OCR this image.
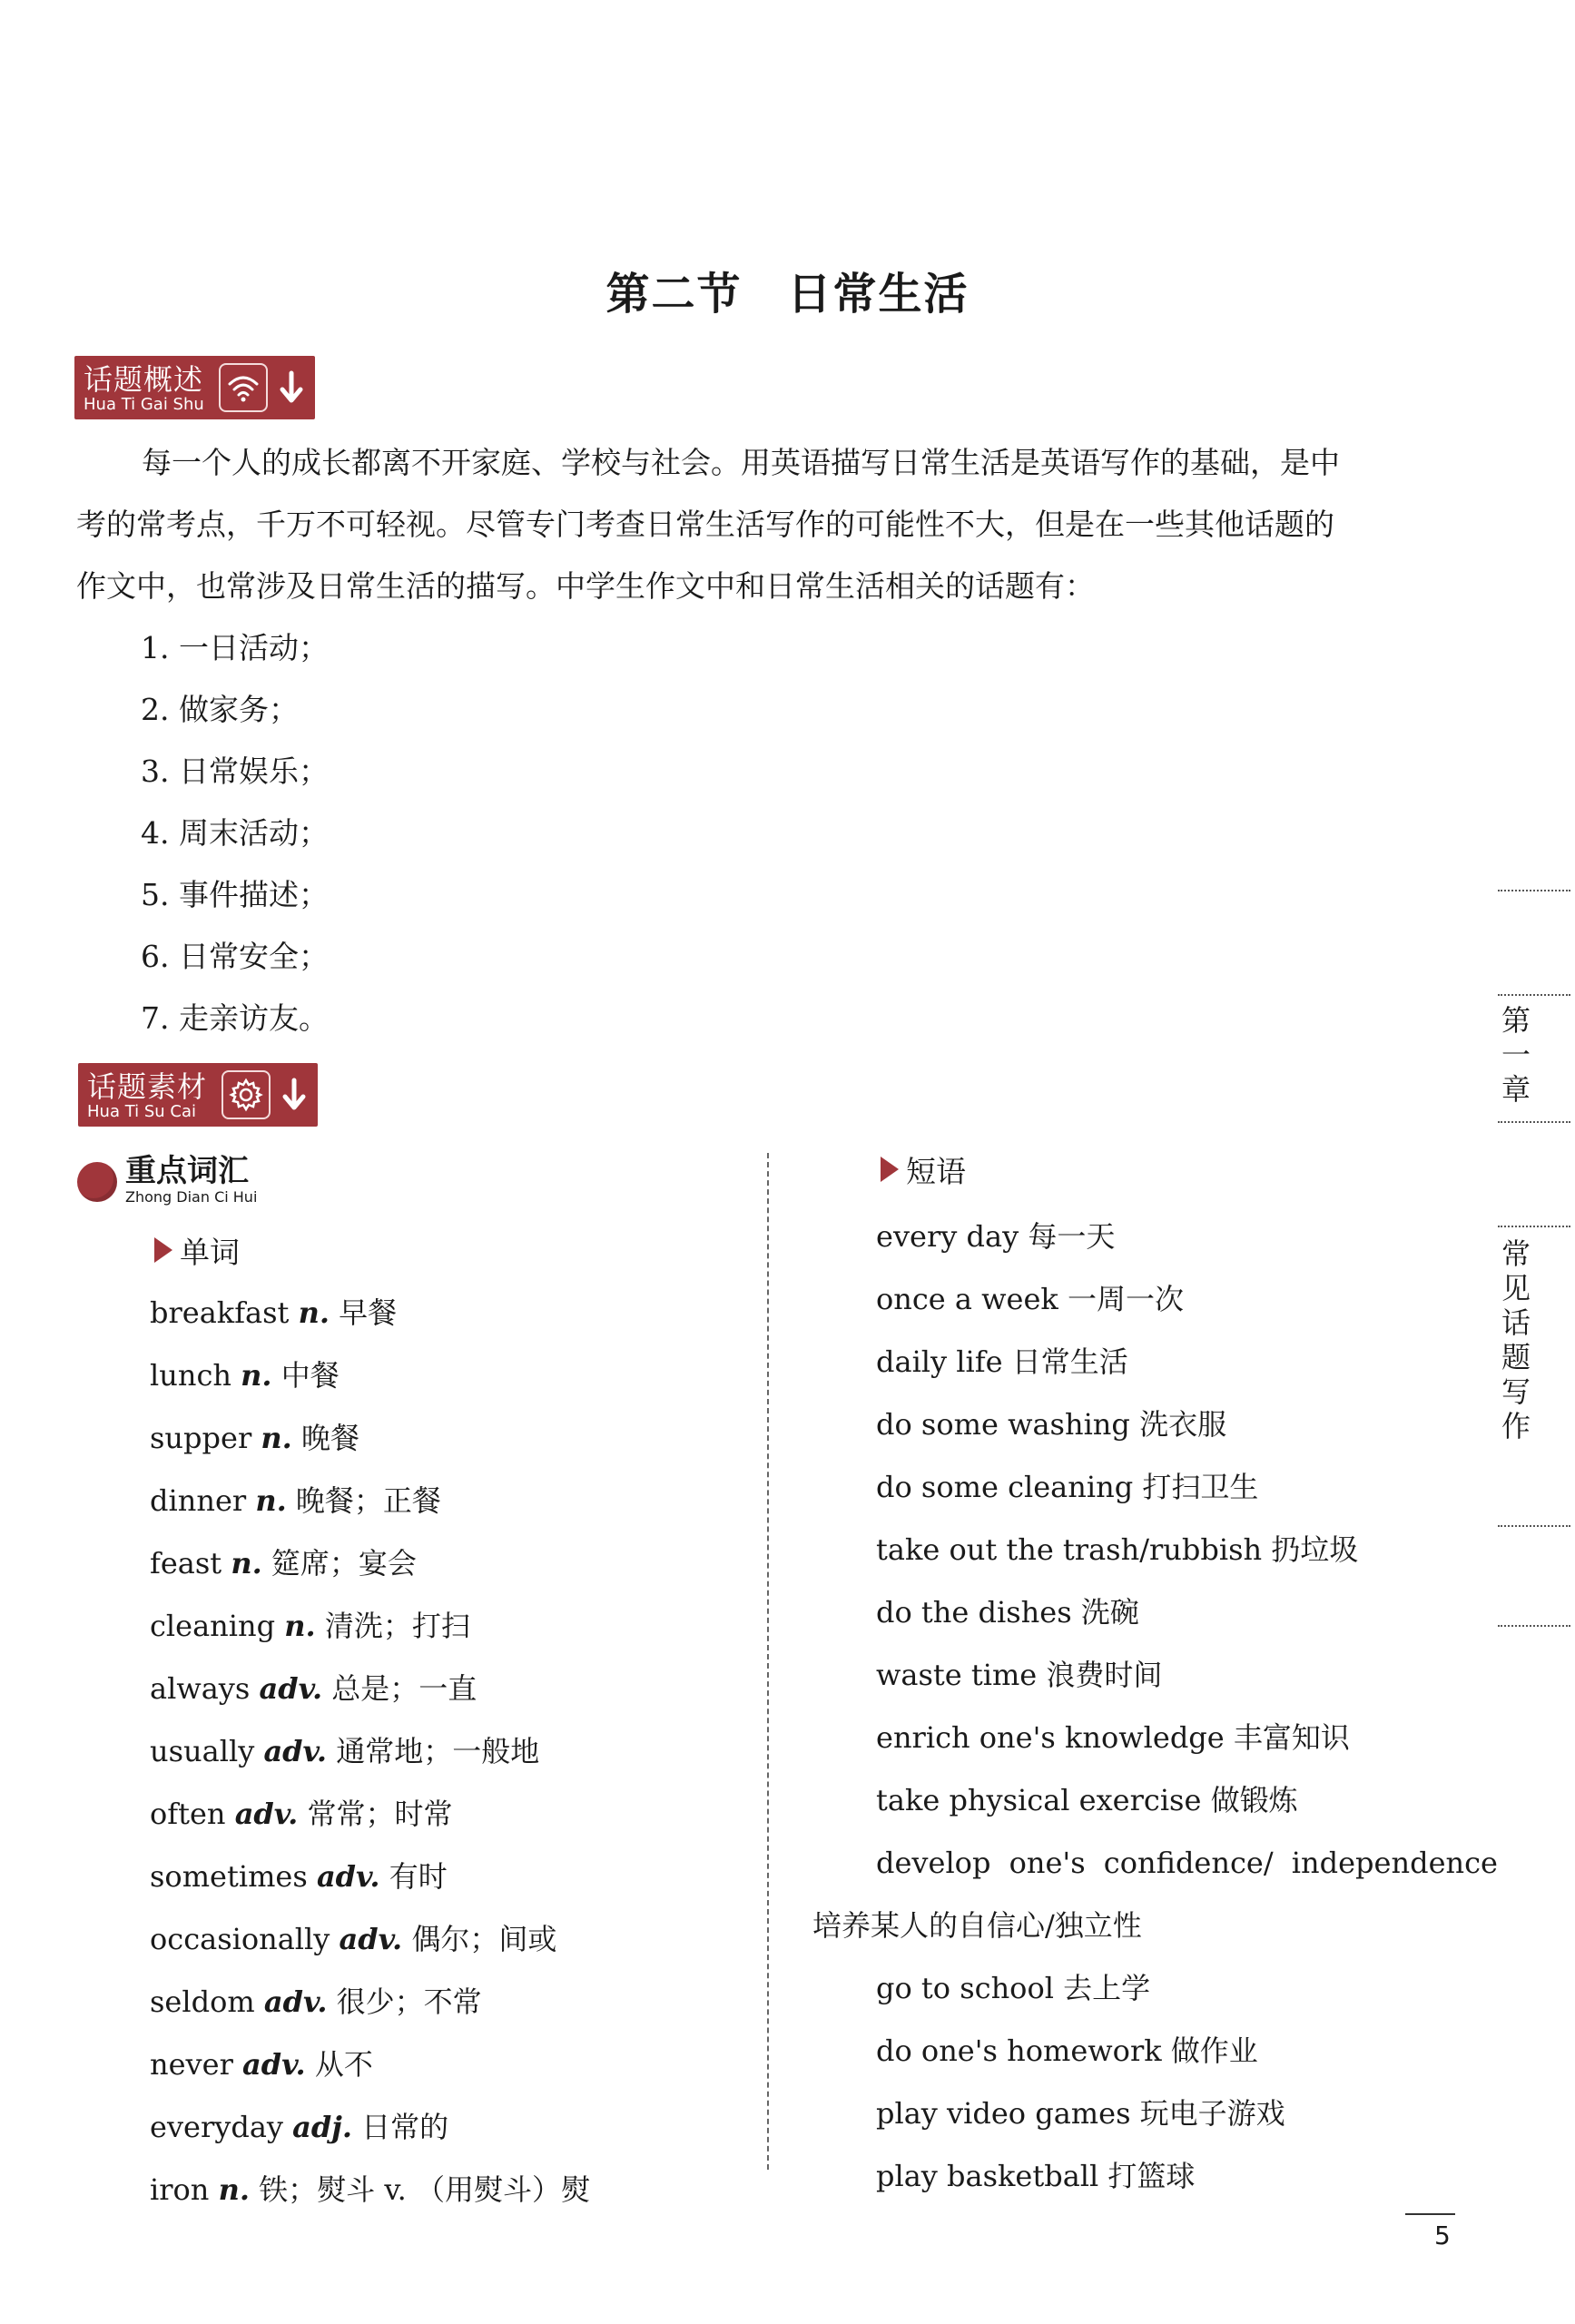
第二节 日常生活
话题概述
Hua Ti Gai Shu
每一个人的成长都离不开家庭、学校与社会。用英语描写日常生活是英语写作的基础，是中
考的常考点，千万不可轻视。尽管专门考查日常生活写作的可能性不大，但是在一些其他话题的
作文中，也常涉及日常生活的描写。中学生作文中和日常生活相关的话题有：
1. 一日活动；
2. 做家务；
3. 日常娱乐；
4. 周末活动；
5. 事件描述；
6. 日常安全；
7. 走亲访友。
话题素材
Hua Ti Su Cai
重点词汇
Zhong Dian Ci Hui
单词
breakfast n. 早餐
lunch n. 中餐
supper n. 晚餐
dinner n. 晚餐；正餐
feast n. 筵席；宴会
cleaning n. 清洗；打扫
always adv. 总是；一直
usually adv. 通常地；一般地
often adv. 常常；时常
sometimes adv. 有时
occasionally adv. 偶尔；间或
seldom adv. 很少；不常
never adv. 从不
everyday adj. 日常的
iron n. 铁；熨斗 v. （用熨斗）熨
短语
every day 每一天
once a week 一周一次
daily life 日常生活
do some washing 洗衣服
do some cleaning 打扫卫生
take out the trash/rubbish 扔垃圾
do the dishes 洗碗
waste time 浪费时间
enrich one's knowledge 丰富知识
take physical exercise 做锻炼
develop one's confidence/ independence
培养某人的自信心/独立性
go to school 去上学
do one's homework 做作业
play video games 玩电子游戏
play basketball 打篮球
第一章
常见话题写作
5
